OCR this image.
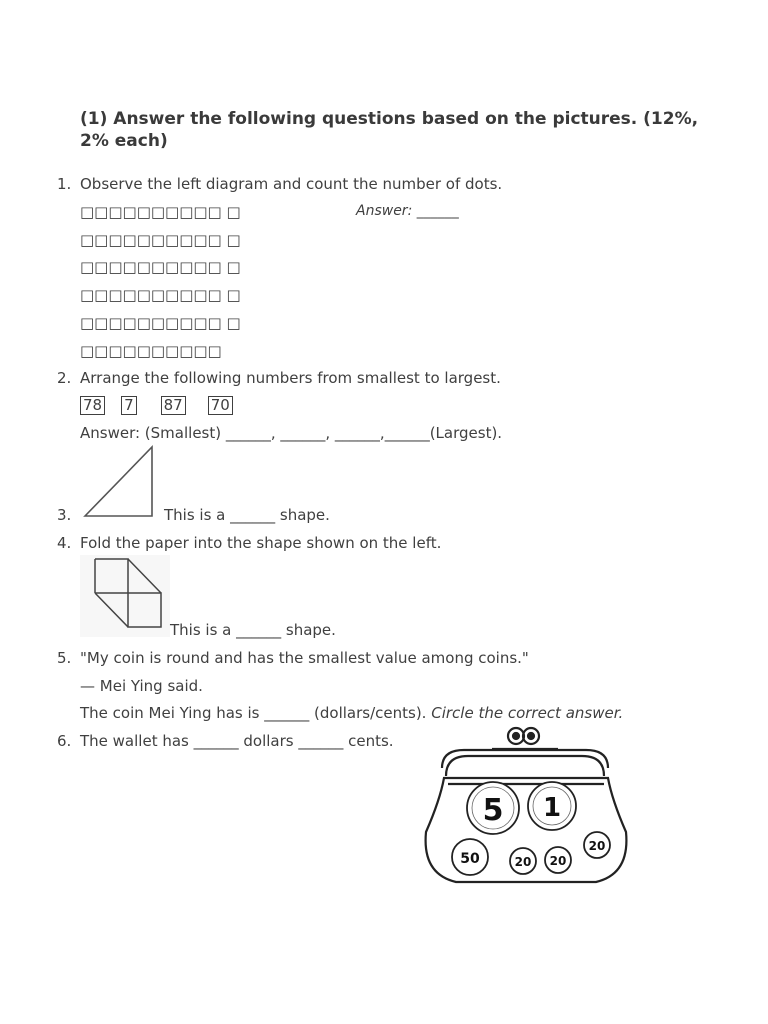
(1) Answer the following questions based on the pictures. (12%, 2% each)
1. Observe the left diagram and count the number of dots.
□□□□□□□□□□ □
□□□□□□□□□□ □
□□□□□□□□□□ □
□□□□□□□□□□ □
□□□□□□□□□□ □
□□□□□□□□□□
Answer: ______
2. Arrange the following numbers from smallest to largest.
78 7 87 70
Answer: (Smallest) ______, ______, ______,______(Largest).
3.	This is a ______ shape.
4. Fold the paper into the shape shown on the left.
This is a ______ shape.
5. "My coin is round and has the smallest value among coins."
— Mei Ying said.
The coin Mei Ying has is ______ (dollars/cents). Circle the correct answer.
6. The wallet has ______ dollars ______ cents.
5 1
50	20 20
20
